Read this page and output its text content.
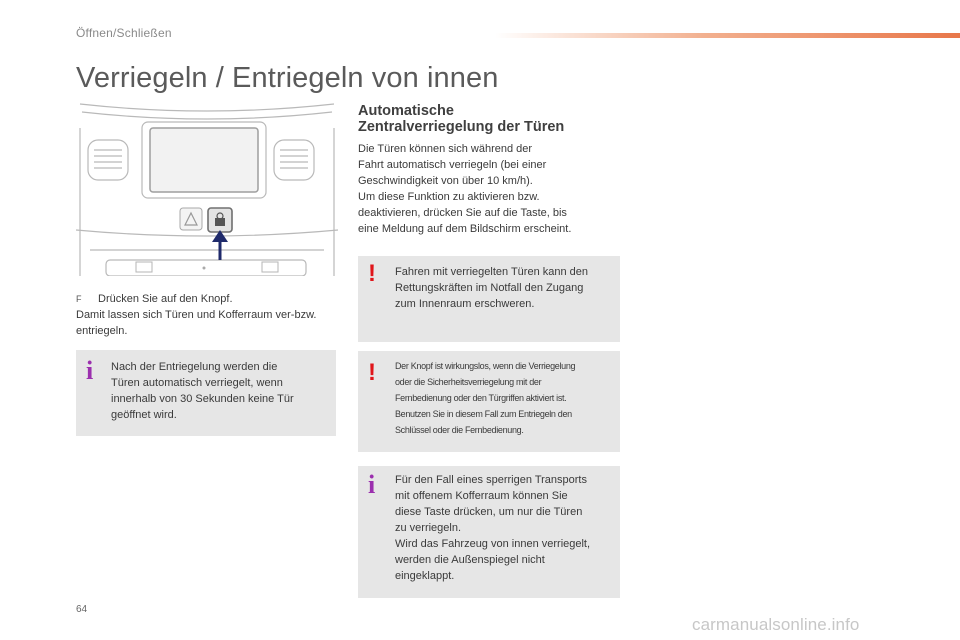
Öffnen/Schließen
Verriegeln / Entriegeln von innen
F Drücken Sie auf den Knopf.
Damit lassen sich Türen und Kofferraum ver-bzw. entriegeln.
i Nach der Entriegelung werden die
Türen automatisch verriegelt, wenn
innerhalb von 30 Sekunden keine Tür
geöffnet wird.
Automatische
Zentralverriegelung der Türen
Die Türen können sich während der
Fahrt automatisch verriegeln (bei einer
Geschwindigkeit von über 10 km/h).
Um diese Funktion zu aktivieren bzw.
deaktivieren, drücken Sie auf die Taste, bis
eine Meldung auf dem Bildschirm erscheint.
! Fahren mit verriegelten Türen kann den
Rettungskräften im Notfall den Zugang
zum Innenraum erschweren.
! Der Knopf ist wirkungslos, wenn die Verriegelung
oder die Sicherheitsverriegelung mit der
Fernbedienung oder den Türgriffen aktiviert ist.
Benutzen Sie in diesem Fall zum Entriegeln den
Schlüssel oder die Fernbedienung.
i Für den Fall eines sperrigen Transports
mit offenem Kofferraum können Sie
diese Taste drücken, um nur die Türen
zu verriegeln.
Wird das Fahrzeug von innen verriegelt,
werden die Außenspiegel nicht
eingeklappt.
64
carmanualsonline.info
